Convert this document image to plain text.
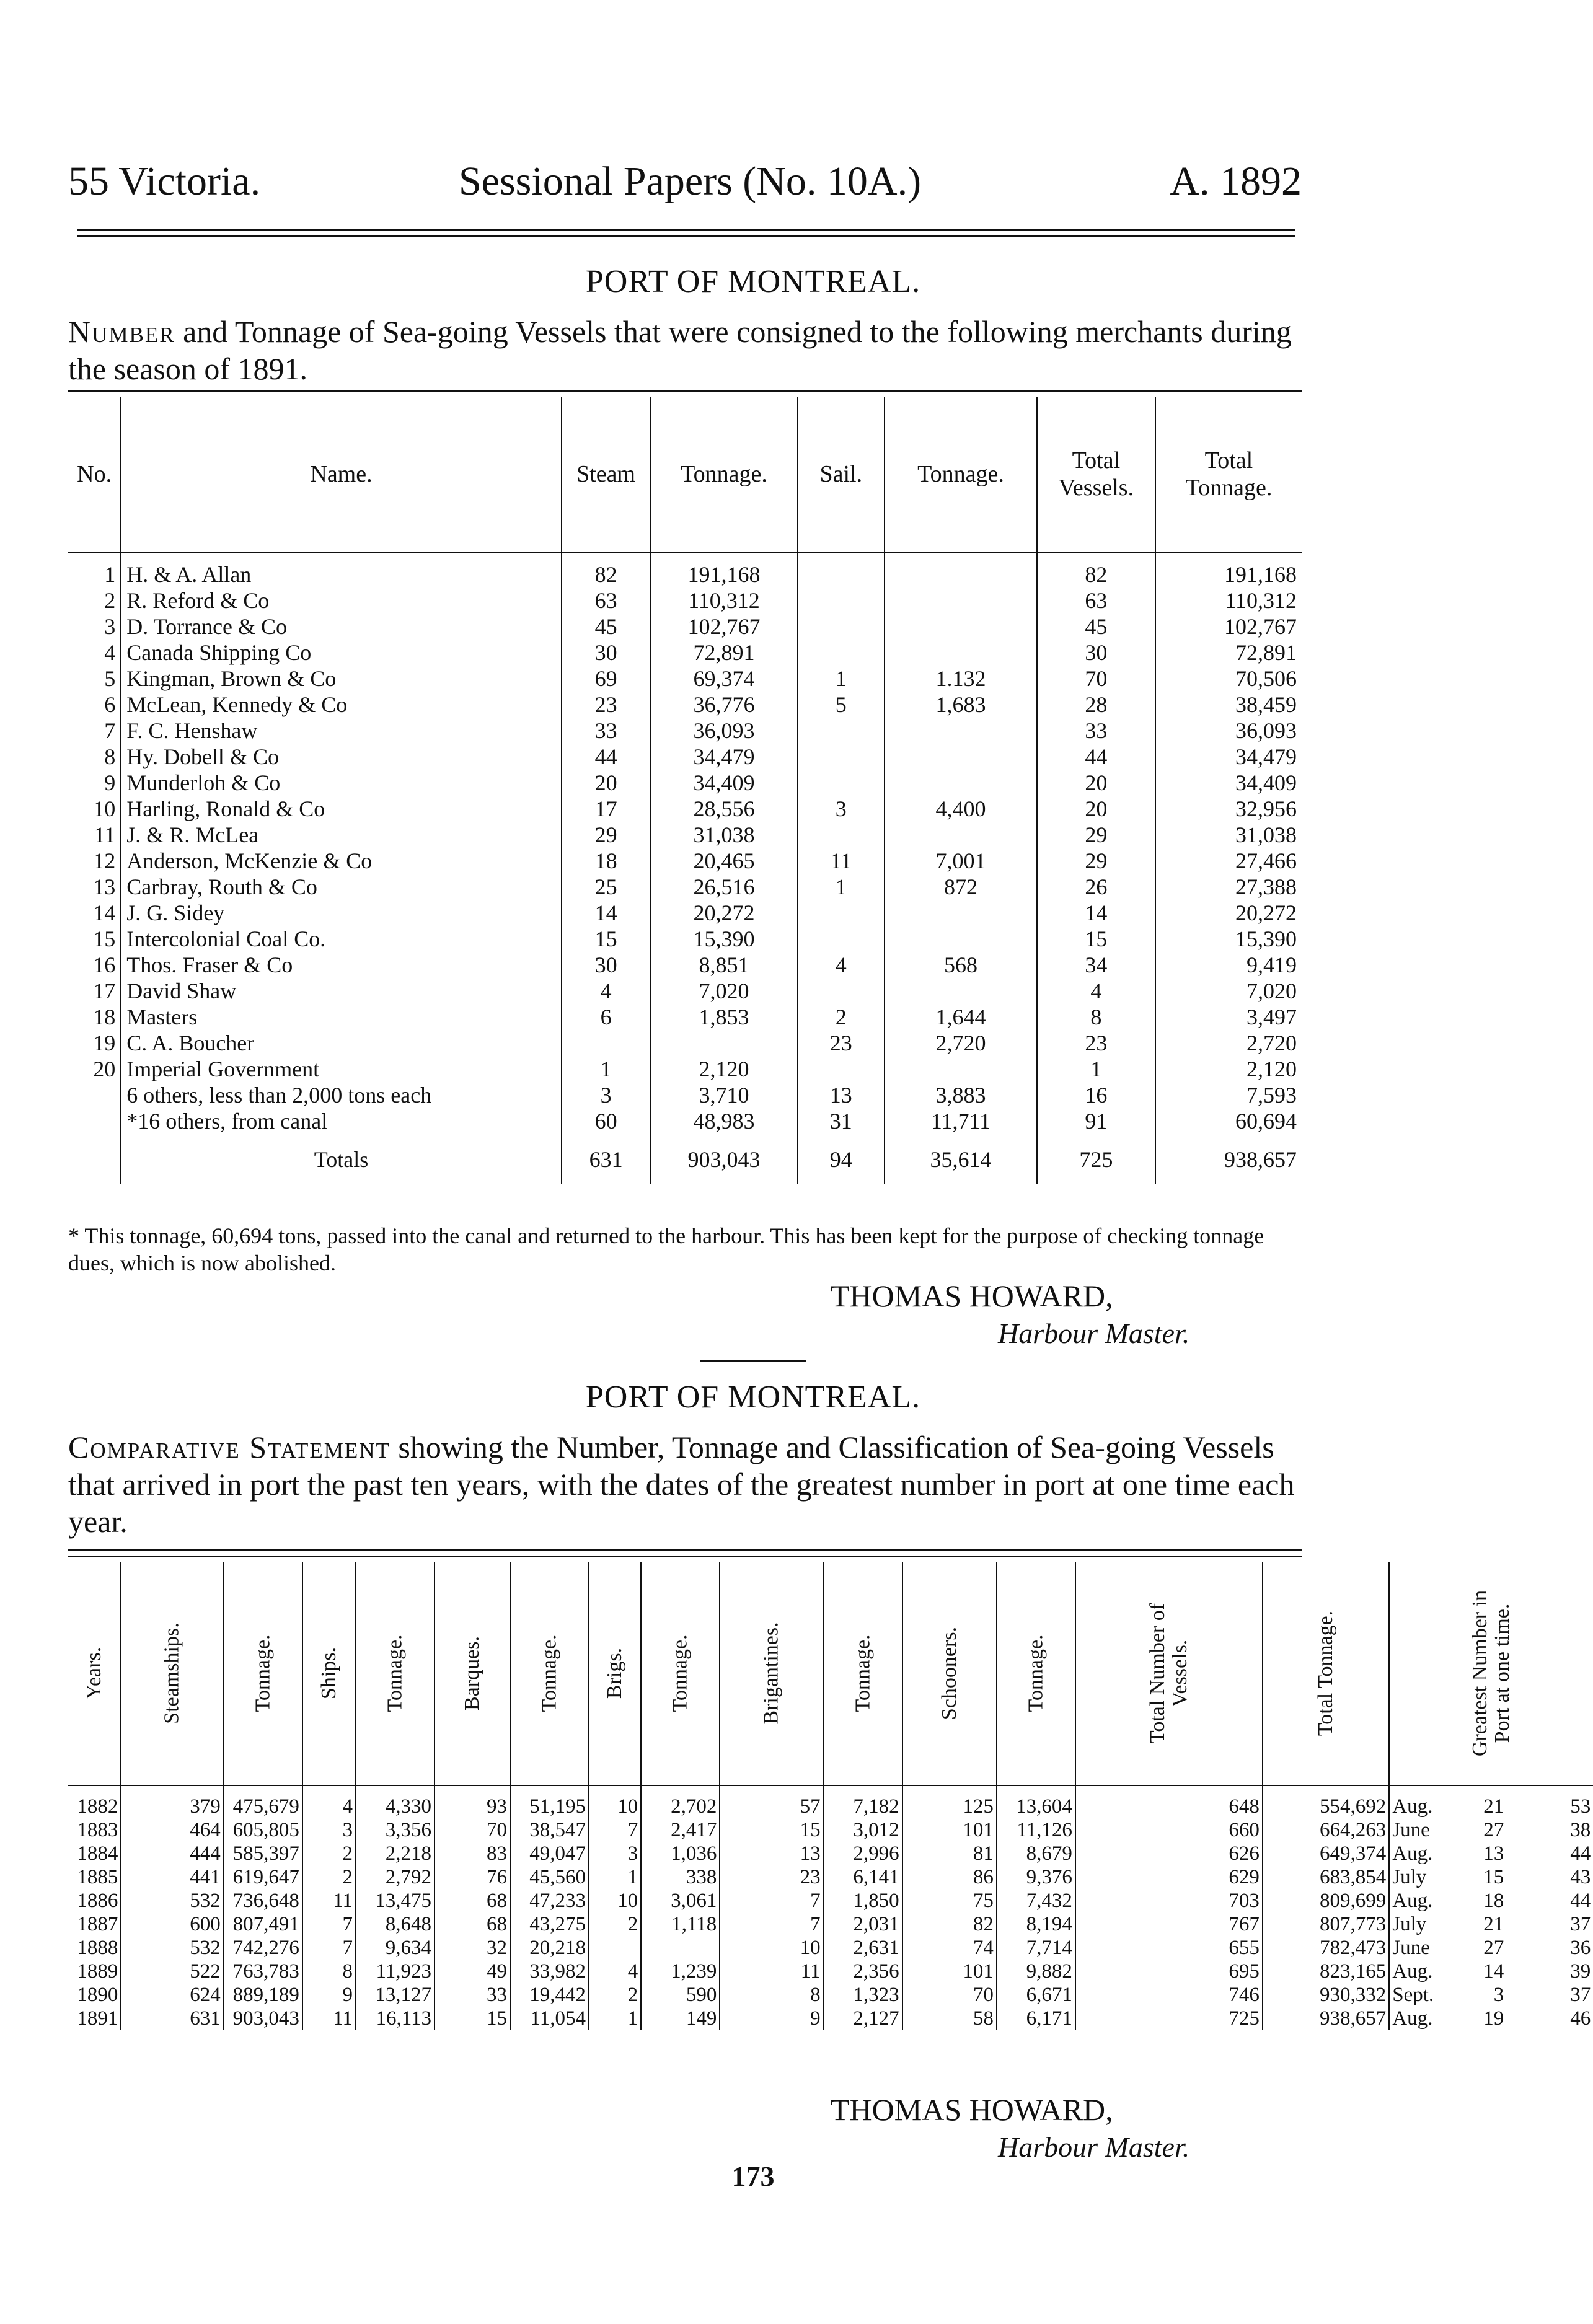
55 Victoria.	Sessional Papers (No. 10A.)	A. 1892
PORT OF MONTREAL.
Number and Tonnage of Sea-going Vessels that were consigned to the following merchants during the season of 1891.
No.	Name.	Steam	Tonnage.	Sail.	Tonnage.	Total Vessels.	Total Tonnage.
1	H. & A. Allan	82	191,168			82	191,168
2	R. Reford & Co	63	110,312			63	110,312
3	D. Torrance & Co	45	102,767			45	102,767
4	Canada Shipping Co	30	72,891			30	72,891
5	Kingman, Brown & Co	69	69,374	1	1.132	70	70,506
6	McLean, Kennedy & Co	23	36,776	5	1,683	28	38,459
7	F. C. Henshaw	33	36,093			33	36,093
8	Hy. Dobell & Co	44	34,479			44	34,479
9	Munderloh & Co	20	34,409			20	34,409
10	Harling, Ronald & Co	17	28,556	3	4,400	20	32,956
11	J. & R. McLea	29	31,038			29	31,038
12	Anderson, McKenzie & Co	18	20,465	11	7,001	29	27,466
13	Carbray, Routh & Co	25	26,516	1	872	26	27,388
14	J. G. Sidey	14	20,272			14	20,272
15	Intercolonial Coal Co.	15	15,390			15	15,390
16	Thos. Fraser & Co	30	8,851	4	568	34	9,419
17	David Shaw	4	7,020			4	7,020
18	Masters	6	1,853	2	1,644	8	3,497
19	C. A. Boucher			23	2,720	23	2,720
20	Imperial Government	1	2,120			1	2,120
	6 others, less than 2,000 tons each	3	3,710	13	3,883	16	7,593
	*16 others, from canal	60	48,983	31	11,711	91	60,694
	Totals	631	903,043	94	35,614	725	938,657
* This tonnage, 60,694 tons, passed into the canal and returned to the harbour. This has been kept for the purpose of checking tonnage dues, which is now abolished.
THOMAS HOWARD,
Harbour Master.
PORT OF MONTREAL.
Comparative Statement showing the Number, Tonnage and Classification of Sea-going Vessels that arrived in port the past ten years, with the dates of the greatest number in port at one time each year.
Years.	Steamships.	Tonnage.	Ships.	Tonnage.	Barques.	Tonnage.	Brigs.	Tonnage.	Brigantines.	Tonnage.	Schooners.	Tonnage.	Total Number of Vessels.	Total Tonnage.	Greatest Number in Port at one time.
1882	379	475,679	4	4,330	93	51,195	10	2,702	57	7,182	125	13,604	648	554,692	Aug. 21 53
1883	464	605,805	3	3,356	70	38,547	7	2,417	15	3,012	101	11,126	660	664,263	June 27 38
1884	444	585,397	2	2,218	83	49,047	3	1,036	13	2,996	81	8,679	626	649,374	Aug. 13 44
1885	441	619,647	2	2,792	76	45,560	1	338	23	6,141	86	9,376	629	683,854	July 15 43
1886	532	736,648	11	13,475	68	47,233	10	3,061	7	1,850	75	7,432	703	809,699	Aug. 18 44
1887	600	807,491	7	8,648	68	43,275	2	1,118	7	2,031	82	8,194	767	807,773	July 21 37
1888	532	742,276	7	9,634	32	20,218			10	2,631	74	7,714	655	782,473	June 27 36
1889	522	763,783	8	11,923	49	33,982	4	1,239	11	2,356	101	9,882	695	823,165	Aug. 14 39
1890	624	889,189	9	13,127	33	19,442	2	590	8	1,323	70	6,671	746	930,332	Sept. 3 37
1891	631	903,043	11	16,113	15	11,054	1	149	9	2,127	58	6,171	725	938,657	Aug. 19 46
THOMAS HOWARD,
Harbour Master.
173
